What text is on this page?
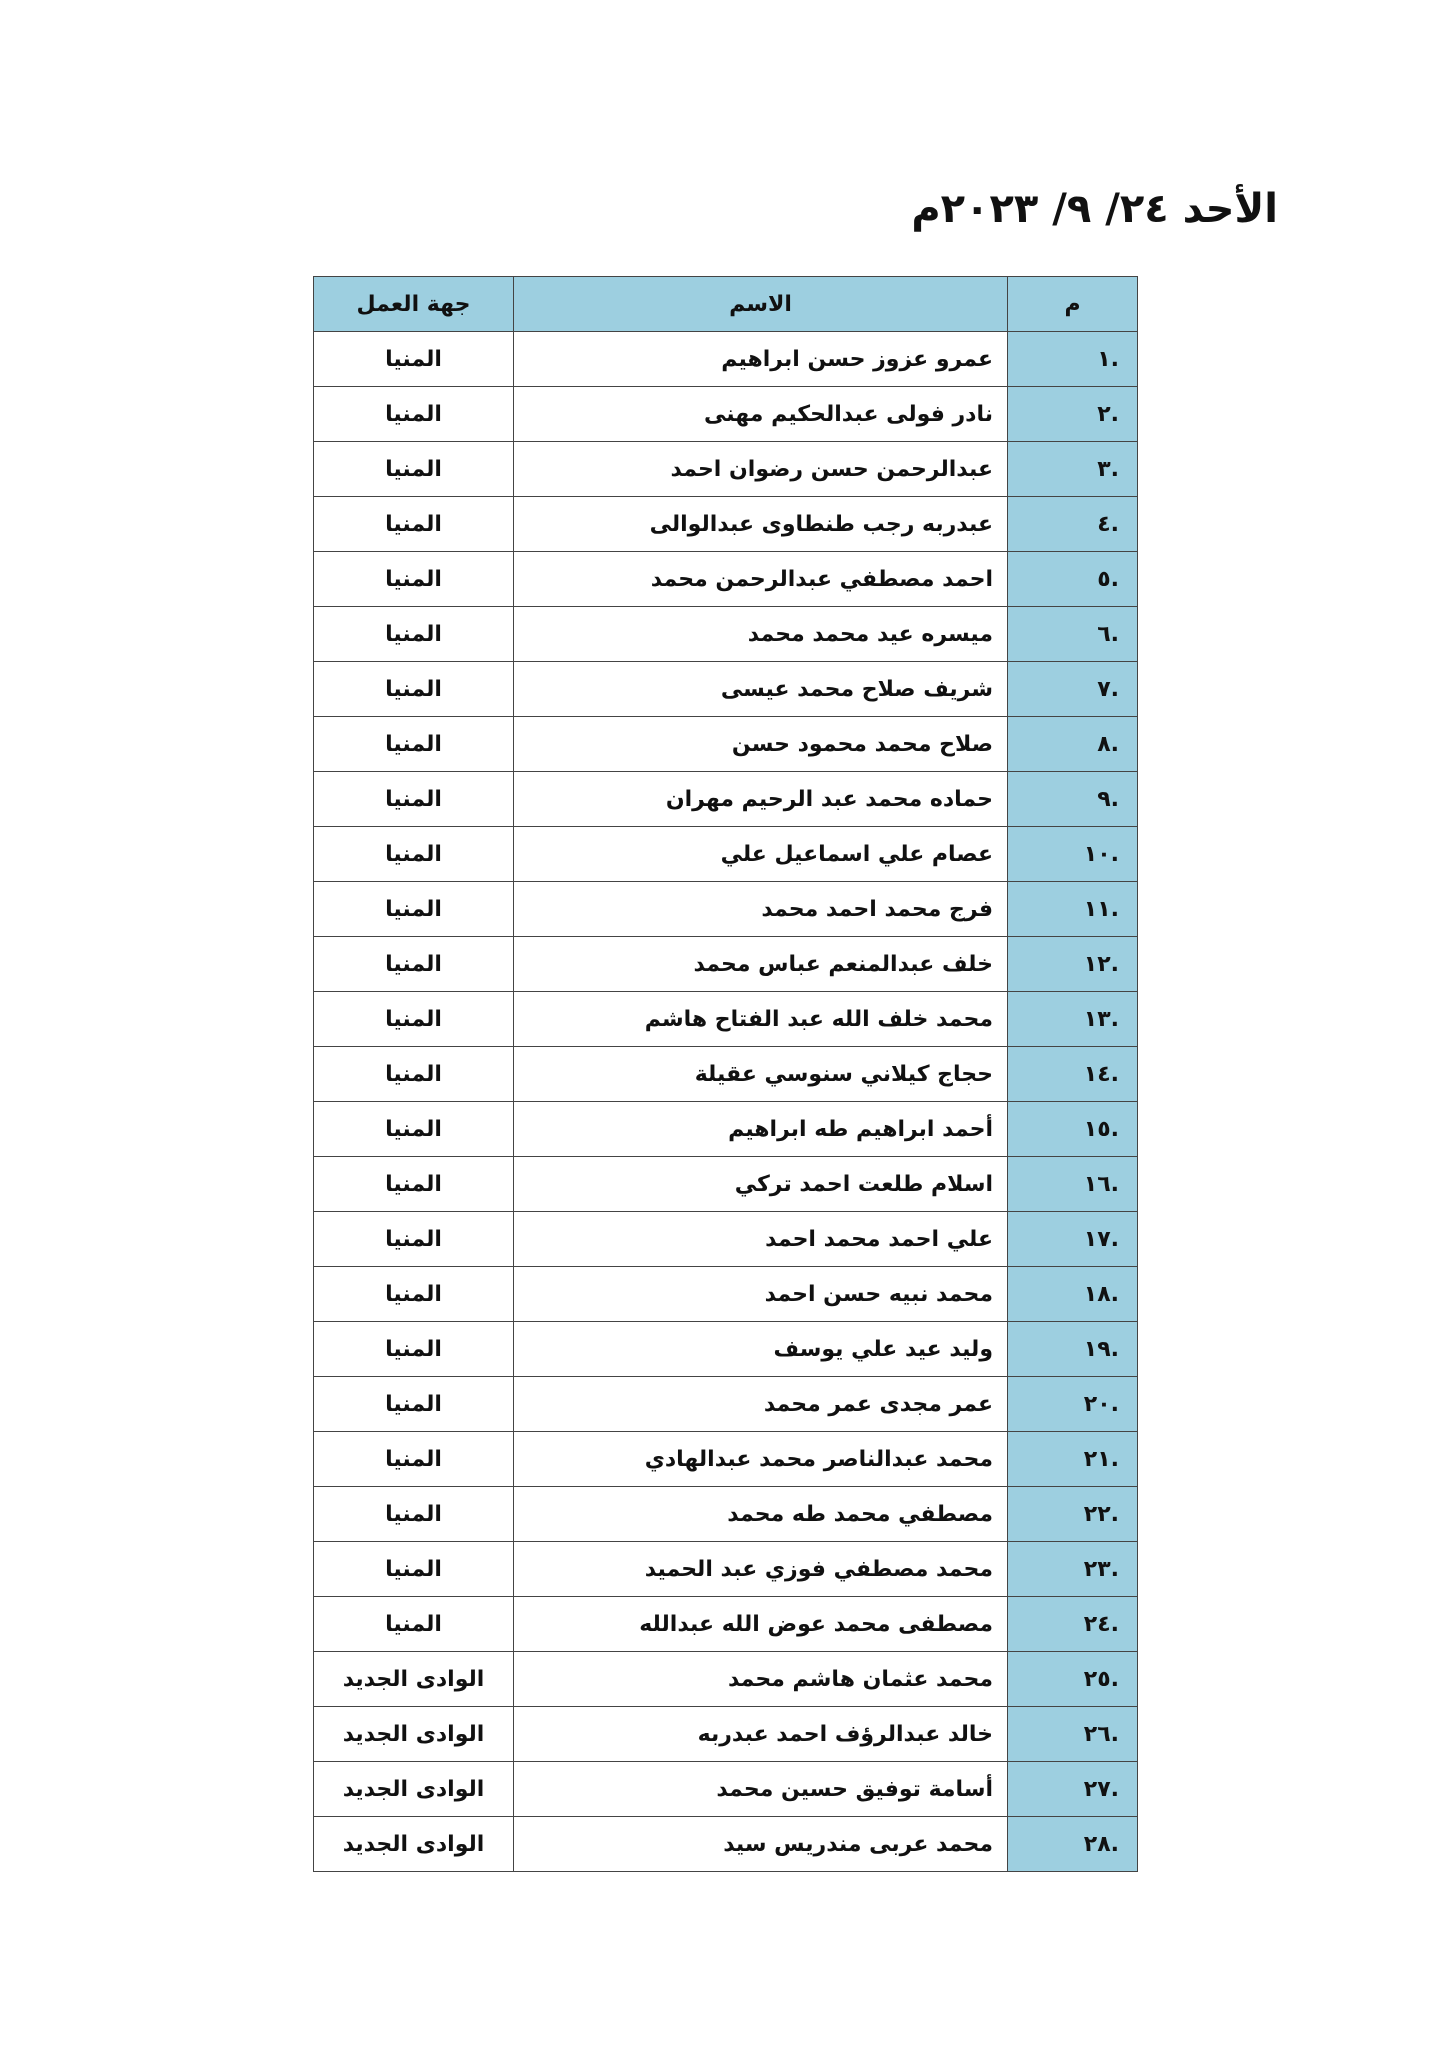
الأحد ٢٤/ ٩/ ٢٠٢٣م
م	الاسم	جهة العمل
.١	عمرو عزوز حسن ابراهيم	المنيا
.٢	نادر فولى عبدالحكيم مهنى	المنيا
.٣	عبدالرحمن حسن رضوان احمد	المنيا
.٤	عبدربه رجب طنطاوى عبدالوالى	المنيا
.٥	احمد مصطفي عبدالرحمن محمد	المنيا
.٦	ميسره عيد محمد محمد	المنيا
.٧	شريف صلاح محمد عيسى	المنيا
.٨	صلاح محمد محمود حسن	المنيا
.٩	حماده محمد عبد الرحيم مهران	المنيا
.١٠	عصام علي اسماعيل علي	المنيا
.١١	فرج محمد احمد محمد	المنيا
.١٢	خلف عبدالمنعم عباس محمد	المنيا
.١٣	محمد خلف الله عبد الفتاح هاشم	المنيا
.١٤	حجاج كيلاني سنوسي عقيلة	المنيا
.١٥	أحمد ابراهيم طه ابراهيم	المنيا
.١٦	اسلام طلعت احمد تركي	المنيا
.١٧	علي احمد محمد احمد	المنيا
.١٨	محمد نبيه حسن احمد	المنيا
.١٩	وليد عيد علي يوسف	المنيا
.٢٠	عمر مجدى عمر محمد	المنيا
.٢١	محمد عبدالناصر محمد عبدالهادي	المنيا
.٢٢	مصطفي محمد طه محمد	المنيا
.٢٣	محمد مصطفي فوزي عبد الحميد	المنيا
.٢٤	مصطفى محمد عوض الله عبدالله	المنيا
.٢٥	محمد عثمان هاشم محمد	الوادى الجديد
.٢٦	خالد عبدالرؤف احمد عبدربه	الوادى الجديد
.٢٧	أسامة توفيق حسين محمد	الوادى الجديد
.٢٨	محمد عربى مندريس سيد	الوادى الجديد
